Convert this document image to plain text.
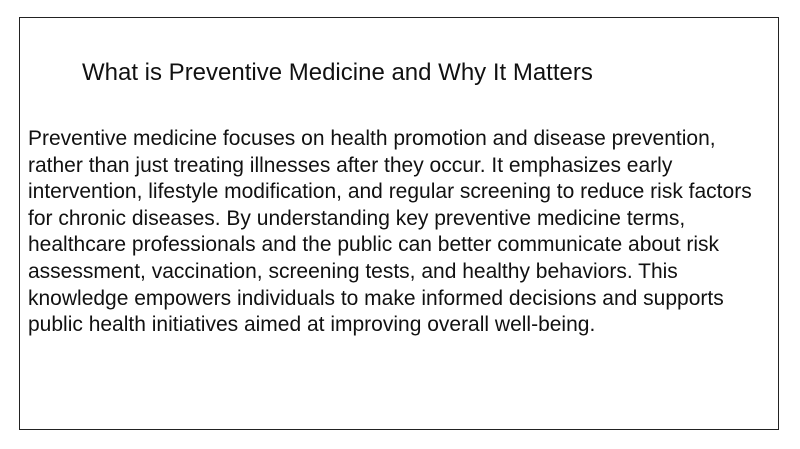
What is Preventive Medicine and Why It Matters

Preventive medicine focuses on health promotion and disease prevention, rather than just treating illnesses after they occur. It emphasizes early intervention, lifestyle modification, and regular screening to reduce risk factors for chronic diseases. By understanding key preventive medicine terms, healthcare professionals and the public can better communicate about risk assessment, vaccination, screening tests, and healthy behaviors. This knowledge empowers individuals to make informed decisions and supports public health initiatives aimed at improving overall well-being.
